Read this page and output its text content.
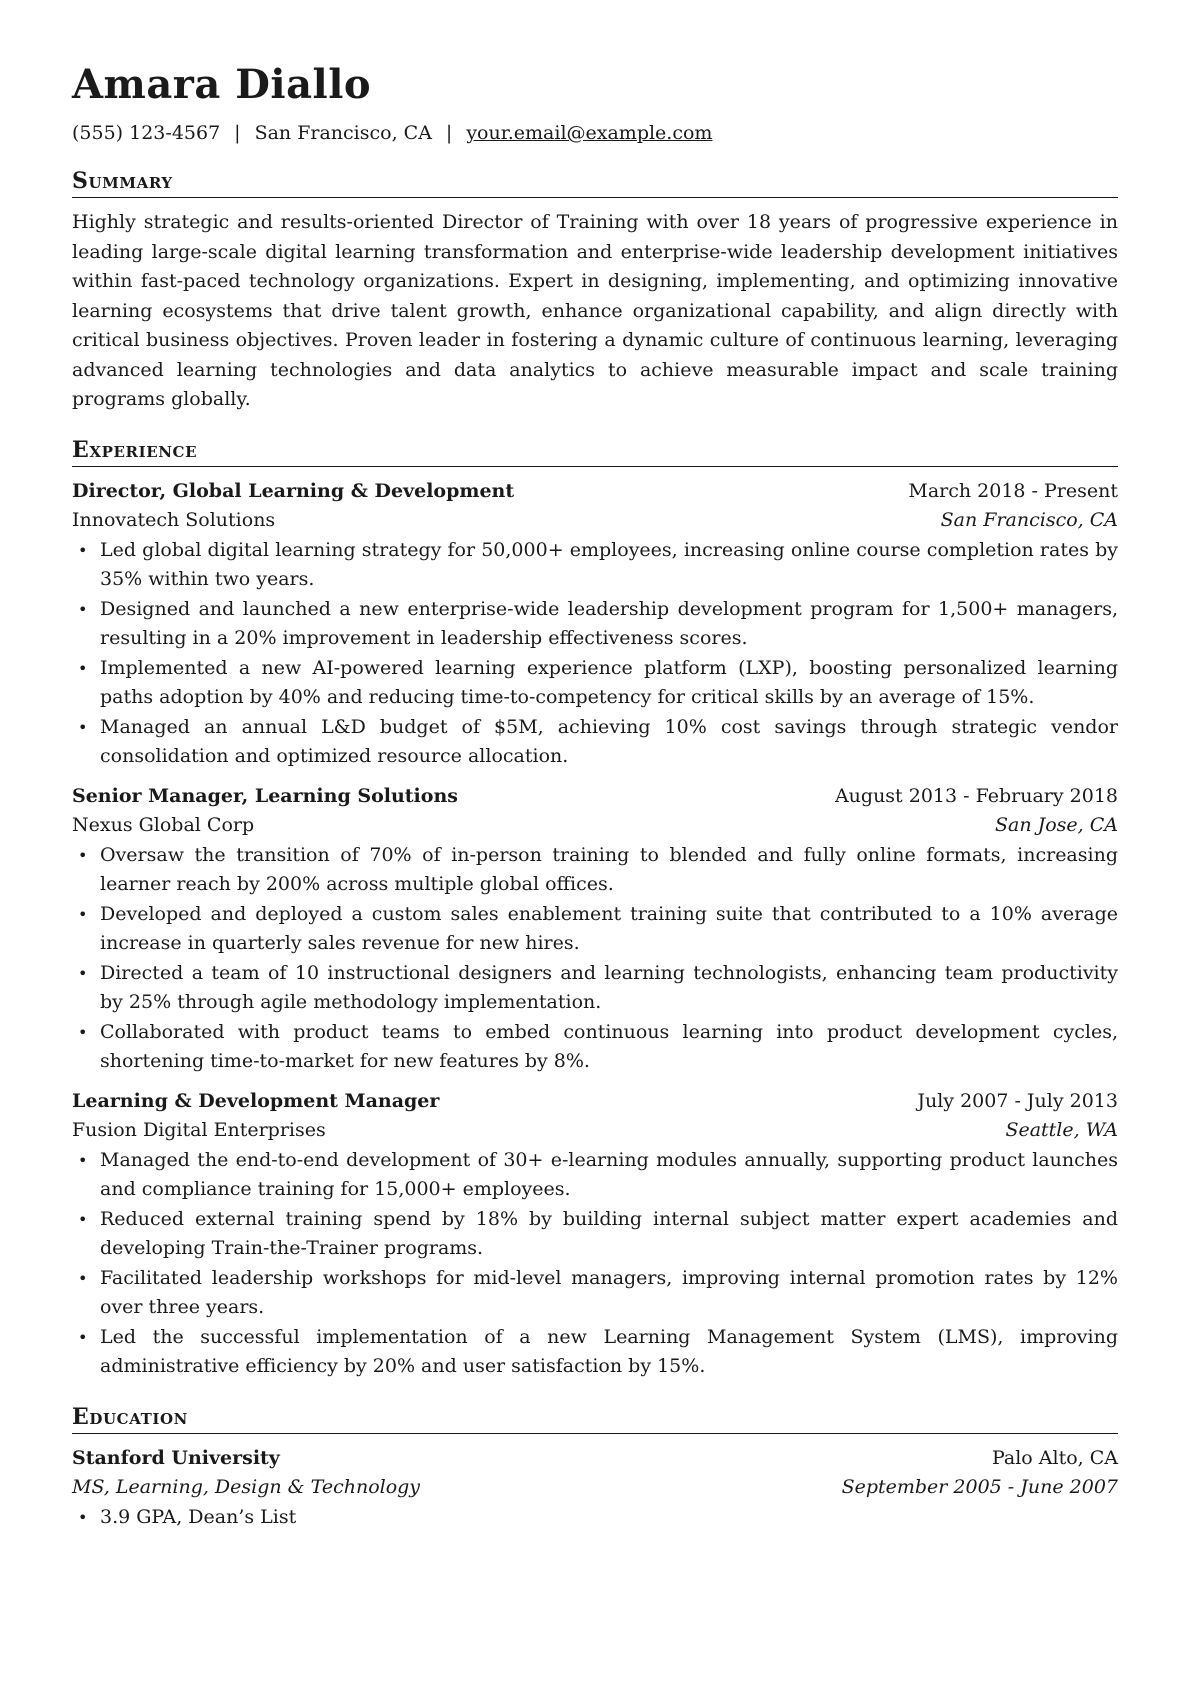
Amara Diallo
(555) 123-4567 | San Francisco, CA | your.email@example.com
Summary
Highly strategic and results-oriented Director of Training with over 18 years of progressive experience in leading large-scale digital learning transformation and enterprise-wide leadership development initiatives within fast-paced technology organizations. Expert in designing, implementing, and optimizing innovative learning ecosystems that drive talent growth, enhance organizational capability, and align directly with critical business objectives. Proven leader in fostering a dynamic culture of continuous learning, leveraging advanced learning technologies and data analytics to achieve measurable impact and scale training programs globally.
Experience
Director, Global Learning & Development	March 2018 - Present
Innovatech Solutions	San Francisco, CA
• Led global digital learning strategy for 50,000+ employees, increasing online course completion rates by 35% within two years.
• Designed and launched a new enterprise-wide leadership development program for 1,500+ managers, resulting in a 20% improvement in leadership effectiveness scores.
• Implemented a new AI-powered learning experience platform (LXP), boosting personalized learning paths adoption by 40% and reducing time-to-competency for critical skills by an average of 15%.
• Managed an annual L&D budget of $5M, achieving 10% cost savings through strategic vendor consolidation and optimized resource allocation.
Senior Manager, Learning Solutions	August 2013 - February 2018
Nexus Global Corp	San Jose, CA
• Oversaw the transition of 70% of in-person training to blended and fully online formats, increasing learner reach by 200% across multiple global offices.
• Developed and deployed a custom sales enablement training suite that contributed to a 10% average increase in quarterly sales revenue for new hires.
• Directed a team of 10 instructional designers and learning technologists, enhancing team productivity by 25% through agile methodology implementation.
• Collaborated with product teams to embed continuous learning into product development cycles, shortening time-to-market for new features by 8%.
Learning & Development Manager	July 2007 - July 2013
Fusion Digital Enterprises	Seattle, WA
• Managed the end-to-end development of 30+ e-learning modules annually, supporting product launches and compliance training for 15,000+ employees.
• Reduced external training spend by 18% by building internal subject matter expert academies and developing Train-the-Trainer programs.
• Facilitated leadership workshops for mid-level managers, improving internal promotion rates by 12% over three years.
• Led the successful implementation of a new Learning Management System (LMS), improving administrative efficiency by 20% and user satisfaction by 15%.
Education
Stanford University	Palo Alto, CA
MS, Learning, Design & Technology	September 2005 - June 2007
• 3.9 GPA, Dean’s List
